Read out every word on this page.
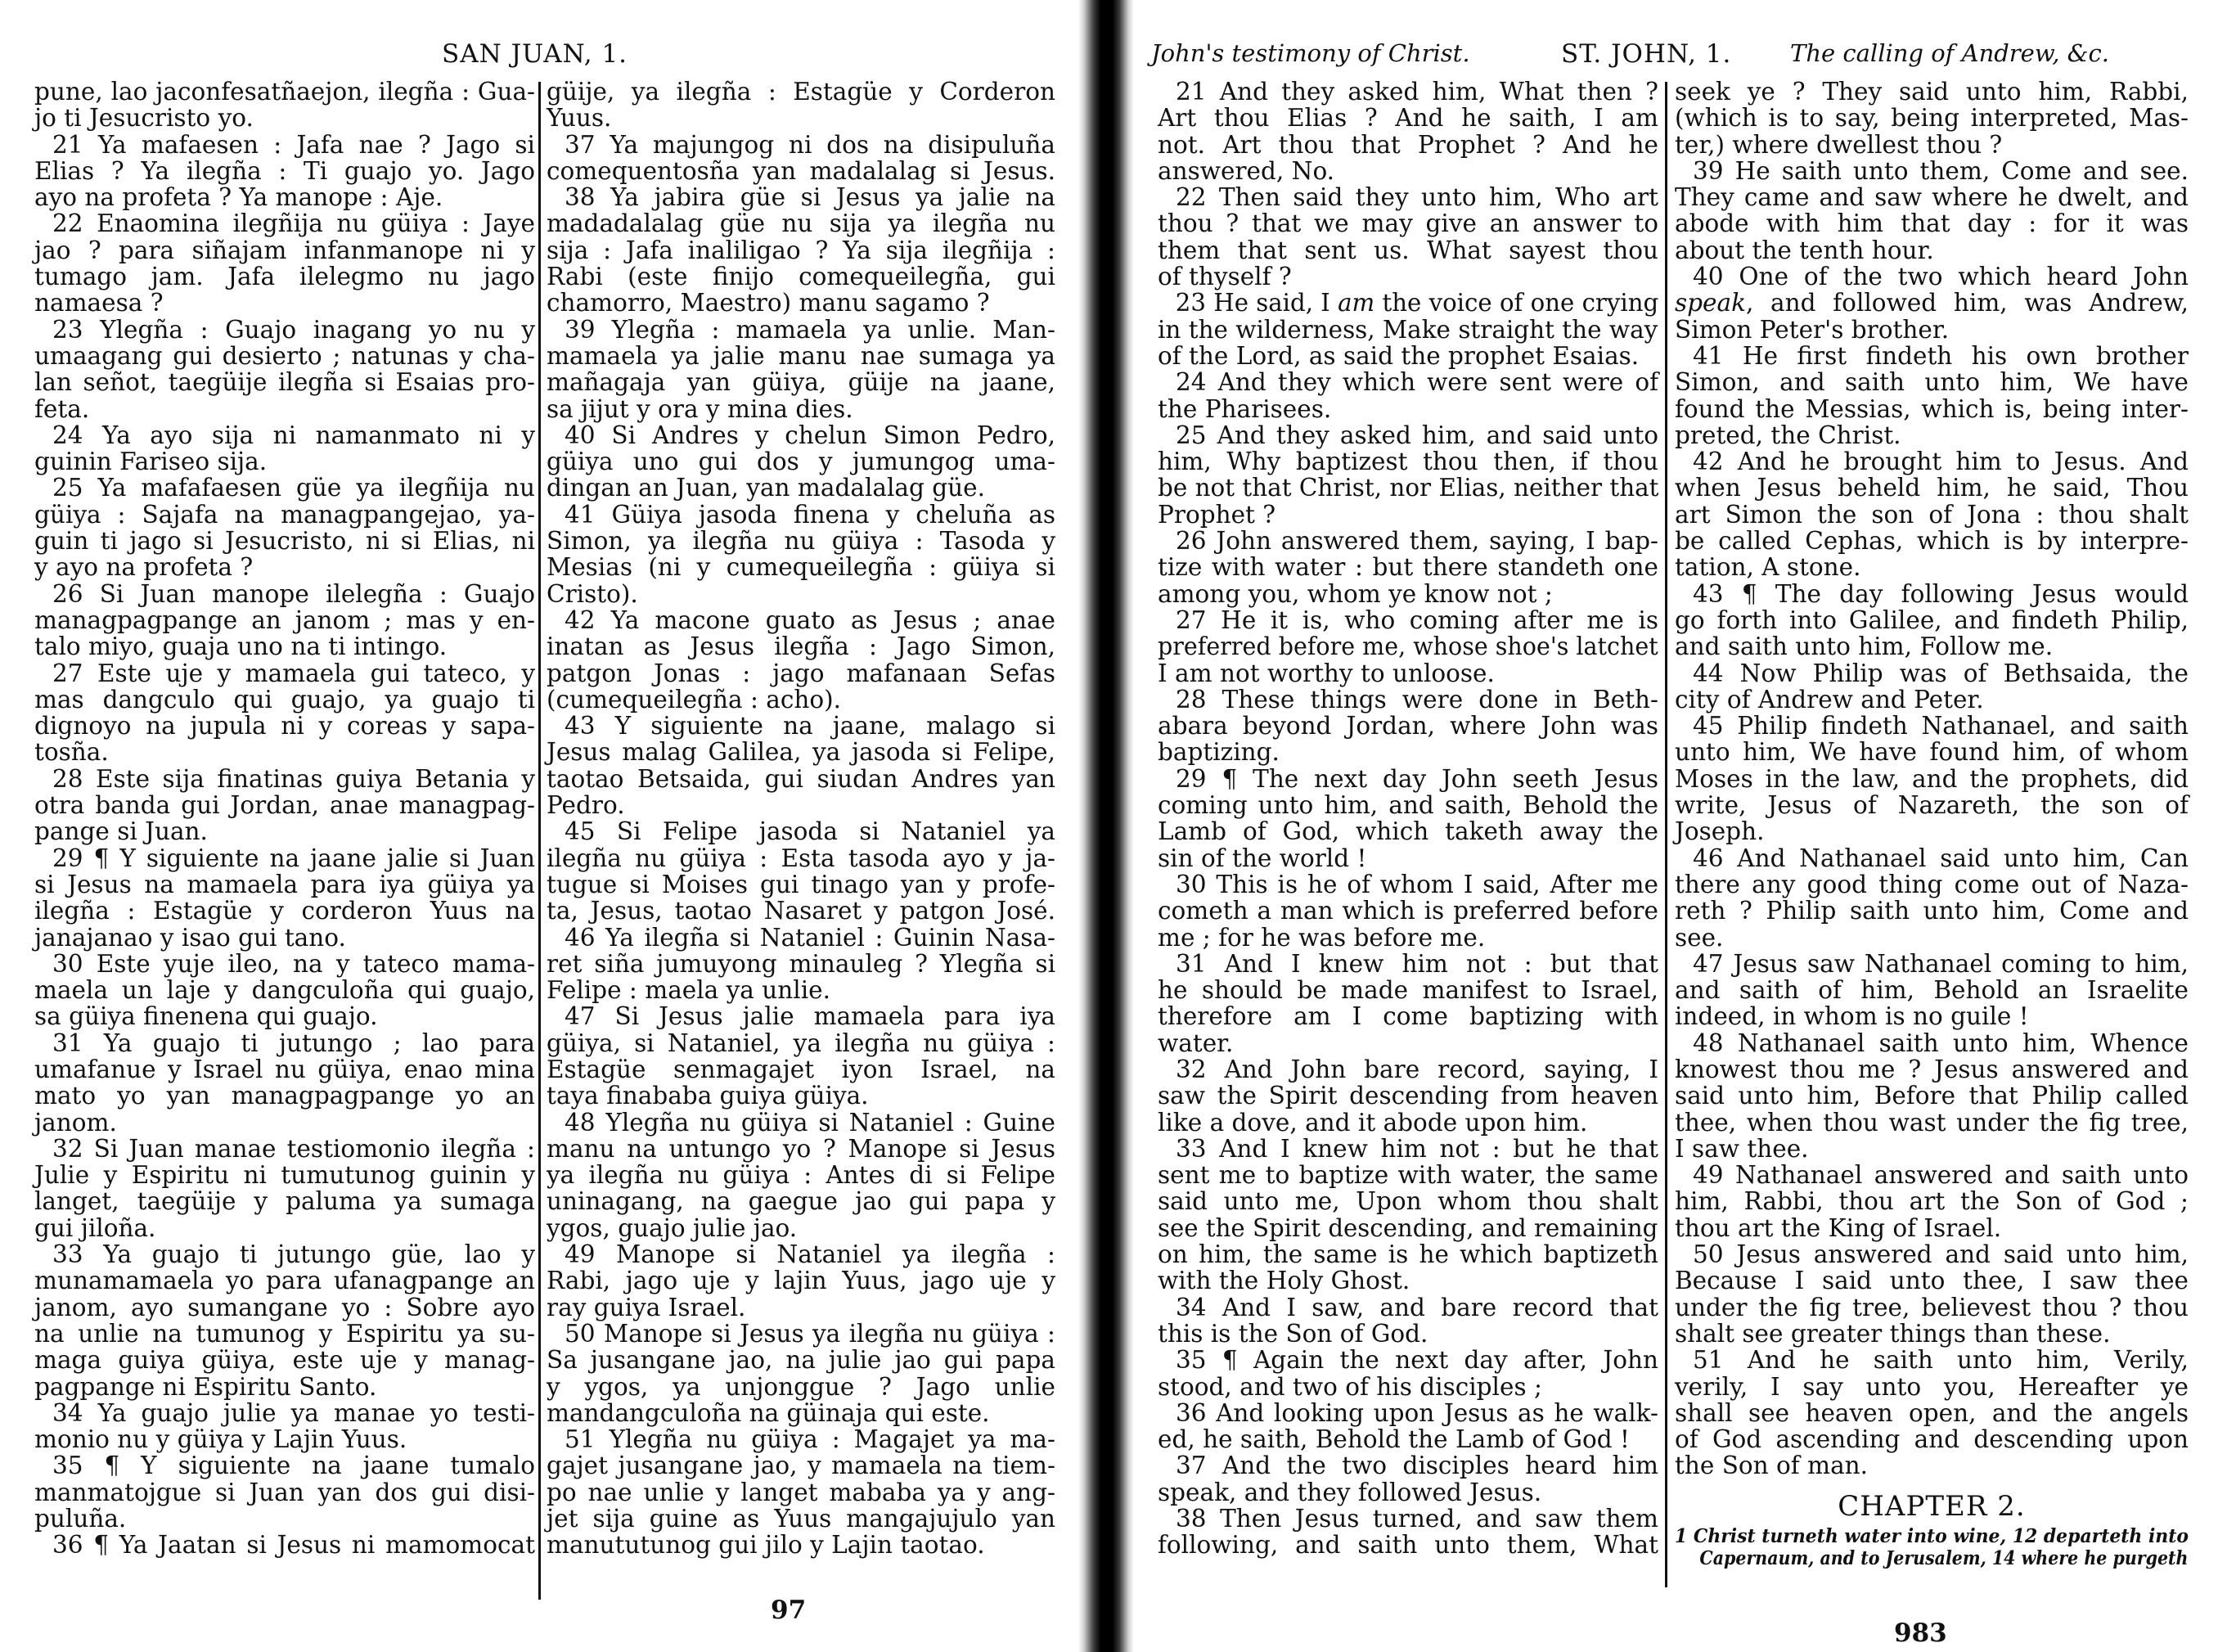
SAN JUAN, 1.
pune, lao jaconfesatñaejon, ilegña : Gua-
jo ti Jesucristo yo.
21 Ya mafaesen : Jafa nae ? Jago si
Elias ? Ya ilegña : Ti guajo yo. Jago
ayo na profeta ? Ya manope : Aje.
22 Enaomina ilegñija nu güiya : Jaye
jao ? para siñajam infanmanope ni y
tumago jam. Jafa ilelegmo nu jago
namaesa ?
23 Ylegña : Guajo inagang yo nu y
umaagang gui desierto ; natunas y cha-
lan señot, taegüije ilegña si Esaias pro-
feta.
24 Ya ayo sija ni namanmato ni y
guinin Fariseo sija.
25 Ya mafafaesen güe ya ilegñija nu
güiya : Sajafa na managpangejao, ya-
guin ti jago si Jesucristo, ni si Elias, ni
y ayo na profeta ?
26 Si Juan manope ilelegña : Guajo
managpagpange an janom ; mas y en-
talo miyo, guaja uno na ti intingo.
27 Este uje y mamaela gui tateco, y
mas dangculo qui guajo, ya guajo ti
dignoyo na jupula ni y coreas y sapa-
tosña.
28 Este sija finatinas guiya Betania y
otra banda gui Jordan, anae managpag-
pange si Juan.
29 ¶ Y siguiente na jaane jalie si Juan
si Jesus na mamaela para iya güiya ya
ilegña : Estagüe y corderon Yuus na
janajanao y isao gui tano.
30 Este yuje ileo, na y tateco mama-
maela un laje y dangculoña qui guajo,
sa güiya finenena qui guajo.
31 Ya guajo ti jutungo ; lao para
umafanue y Israel nu güiya, enao mina
mato yo yan managpagpange yo an
janom.
32 Si Juan manae testiomonio ilegña :
Julie y Espiritu ni tumutunog guinin y
langet, taegüije y paluma ya sumaga
gui jiloña.
33 Ya guajo ti jutungo güe, lao y
munamamaela yo para ufanagpange an
janom, ayo sumangane yo : Sobre ayo
na unlie na tumunog y Espiritu ya su-
maga guiya güiya, este uje y manag-
pagpange ni Espiritu Santo.
34 Ya guajo julie ya manae yo testi-
monio nu y güiya y Lajin Yuus.
35 ¶ Y siguiente na jaane tumalo
manmatojgue si Juan yan dos gui disi-
puluña.
36 ¶ Ya Jaatan si Jesus ni mamomocat
güije, ya ilegña : Estagüe y Corderon
Yuus.
37 Ya majungog ni dos na disipuluña
comequentosña yan madalalag si Jesus.
38 Ya jabira güe si Jesus ya jalie na
madadalalag güe nu sija ya ilegña nu
sija : Jafa inaliligao ? Ya sija ilegñija :
Rabi (este finijo comequeilegña, gui
chamorro, Maestro) manu sagamo ?
39 Ylegña : mamaela ya unlie. Man-
mamaela ya jalie manu nae sumaga ya
mañagaja yan güiya, güije na jaane,
sa jijut y ora y mina dies.
40 Si Andres y chelun Simon Pedro,
güiya uno gui dos y jumungog uma-
dingan an Juan, yan madalalag güe.
41 Güiya jasoda finena y cheluña as
Simon, ya ilegña nu güiya : Tasoda y
Mesias (ni y cumequeilegña : güiya si
Cristo).
42 Ya macone guato as Jesus ; anae
inatan as Jesus ilegña : Jago Simon,
patgon Jonas : jago mafanaan Sefas
(cumequeilegña : acho).
43 Y siguiente na jaane, malago si
Jesus malag Galilea, ya jasoda si Felipe,
taotao Betsaida, gui siudan Andres yan
Pedro.
45 Si Felipe jasoda si Nataniel ya
ilegña nu güiya : Esta tasoda ayo y ja-
tugue si Moises gui tinago yan y profe-
ta, Jesus, taotao Nasaret y patgon José.
46 Ya ilegña si Nataniel : Guinin Nasa-
ret siña jumuyong minauleg ? Ylegña si
Felipe : maela ya unlie.
47 Si Jesus jalie mamaela para iya
güiya, si Nataniel, ya ilegña nu güiya :
Estagüe senmagajet iyon Israel, na
taya finababa guiya güiya.
48 Ylegña nu güiya si Nataniel : Guine
manu na untungo yo ? Manope si Jesus
ya ilegña nu güiya : Antes di si Felipe
uninagang, na gaegue jao gui papa y
ygos, guajo julie jao.
49 Manope si Nataniel ya ilegña :
Rabi, jago uje y lajin Yuus, jago uje y
ray guiya Israel.
50 Manope si Jesus ya ilegña nu güiya :
Sa jusangane jao, na julie jao gui papa
y ygos, ya unjonggue ? Jago unlie
mandangculoña na güinaja qui este.
51 Ylegña nu güiya : Magajet ya ma-
gajet jusangane jao, y mamaela na tiem-
po nae unlie y langet mababa ya y ang-
jet sija guine as Yuus mangajujulo yan
manututunog gui jilo y Lajin taotao.
97
John's testimony of Christ.	ST. JOHN, 1. The calling of Andrew, &c.
21 And they asked him, What then ?
Art thou Elias ? And he saith, I am
not. Art thou that Prophet ? And he
answered, No.
22 Then said they unto him, Who art
thou ? that we may give an answer to
them that sent us. What sayest thou
of thyself ?
23 He said, I am the voice of one crying
in the wilderness, Make straight the way
of the Lord, as said the prophet Esaias.
24 And they which were sent were of
the Pharisees.
25 And they asked him, and said unto
him, Why baptizest thou then, if thou
be not that Christ, nor Elias, neither that
Prophet ?
26 John answered them, saying, I bap-
tize with water : but there standeth one
among you, whom ye know not ;
27 He it is, who coming after me is
preferred before me, whose shoe's latchet
I am not worthy to unloose.
28 These things were done in Beth-
abara beyond Jordan, where John was
baptizing.
29 ¶ The next day John seeth Jesus
coming unto him, and saith, Behold the
Lamb of God, which taketh away the
sin of the world !
30 This is he of whom I said, After me
cometh a man which is preferred before
me ; for he was before me.
31 And I knew him not : but that
he should be made manifest to Israel,
therefore am I come baptizing with
water.
32 And John bare record, saying, I
saw the Spirit descending from heaven
like a dove, and it abode upon him.
33 And I knew him not : but he that
sent me to baptize with water, the same
said unto me, Upon whom thou shalt
see the Spirit descending, and remaining
on him, the same is he which baptizeth
with the Holy Ghost.
34 And I saw, and bare record that
this is the Son of God.
35 ¶ Again the next day after, John
stood, and two of his disciples ;
36 And looking upon Jesus as he walk-
ed, he saith, Behold the Lamb of God !
37 And the two disciples heard him
speak, and they followed Jesus.
38 Then Jesus turned, and saw them
following, and saith unto them, What
seek ye ? They said unto him, Rabbi,
(which is to say, being interpreted, Mas-
ter,) where dwellest thou ?
39 He saith unto them, Come and see.
They came and saw where he dwelt, and
abode with him that day : for it was
about the tenth hour.
40 One of the two which heard John
speak, and followed him, was Andrew,
Simon Peter's brother.
41 He first findeth his own brother
Simon, and saith unto him, We have
found the Messias, which is, being inter-
preted, the Christ.
42 And he brought him to Jesus. And
when Jesus beheld him, he said, Thou
art Simon the son of Jona : thou shalt
be called Cephas, which is by interpre-
tation, A stone.
43 ¶ The day following Jesus would
go forth into Galilee, and findeth Philip,
and saith unto him, Follow me.
44 Now Philip was of Bethsaida, the
city of Andrew and Peter.
45 Philip findeth Nathanael, and saith
unto him, We have found him, of whom
Moses in the law, and the prophets, did
write, Jesus of Nazareth, the son of
Joseph.
46 And Nathanael said unto him, Can
there any good thing come out of Naza-
reth ? Philip saith unto him, Come and
see.
47 Jesus saw Nathanael coming to him,
and saith of him, Behold an Israelite
indeed, in whom is no guile !
48 Nathanael saith unto him, Whence
knowest thou me ? Jesus answered and
said unto him, Before that Philip called
thee, when thou wast under the fig tree,
I saw thee.
49 Nathanael answered and saith unto
him, Rabbi, thou art the Son of God ;
thou art the King of Israel.
50 Jesus answered and said unto him,
Because I said unto thee, I saw thee
under the fig tree, believest thou ? thou
shalt see greater things than these.
51 And he saith unto him, Verily,
verily, I say unto you, Hereafter ye
shall see heaven open, and the angels
of God ascending and descending upon
the Son of man.
CHAPTER 2.
1 Christ turneth water into wine, 12 departeth into
Capernaum, and to Jerusalem, 14 where he purgeth
983
